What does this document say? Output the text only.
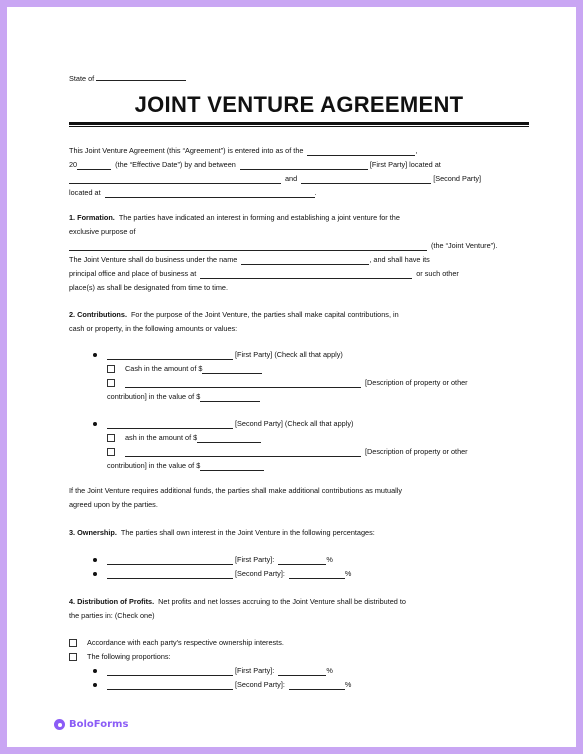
State of
JOINT VENTURE AGREEMENT
This Joint Venture Agreement (this “Agreement”) is entered into as of the	,
20	(the “Effective Date”) by and between	[First Party] located at
and	[Second Party]
located at	.
1. Formation. The parties have indicated an interest in forming and establishing a joint venture for the
exclusive purpose of
(the “Joint Venture”).
The Joint Venture shall do business under the name	, and shall have its
principal office and place of business at	or such other
place(s) as shall be designated from time to time.
2. Contributions. For the purpose of the Joint Venture, the parties shall make capital contributions, in
cash or property, in the following amounts or values:
[First Party] (Check all that apply)
Cash in the amount of $
[Description of property or other
contribution] in the value of $
[Second Party] (Check all that apply)
ash in the amount of $
[Description of property or other
contribution] in the value of $
If the Joint Venture requires additional funds, the parties shall make additional contributions as mutually
agreed upon by the parties.
3. Ownership. The parties shall own interest in the Joint Venture in the following percentages:
[First Party]:	%
[Second Party]:	%
4. Distribution of Profits. Net profits and net losses accruing to the Joint Venture shall be distributed to
the parties in: (Check one)
Accordance with each party's respective ownership interests.
The following proportions:
[First Party]:	%
[Second Party]:	%
BoloForms
